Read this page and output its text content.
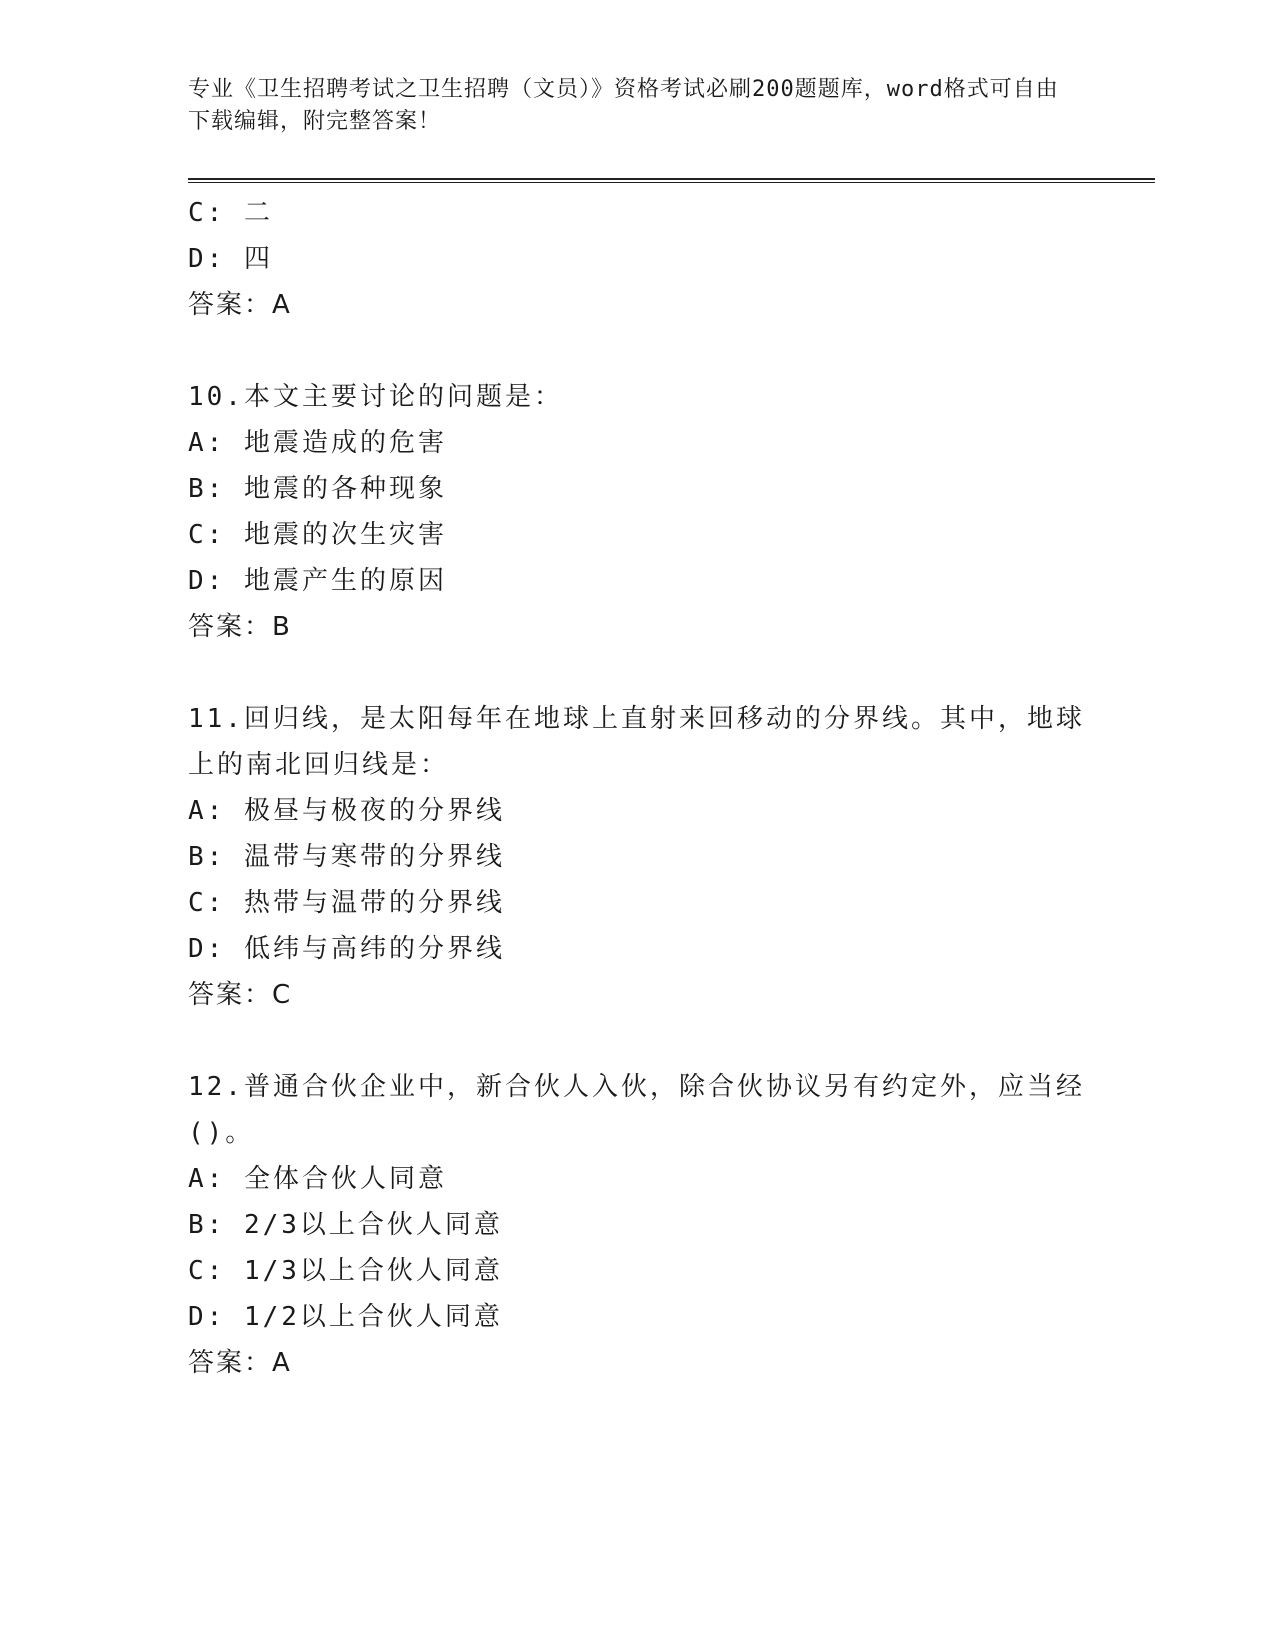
专业《卫生招聘考试之卫生招聘（文员）》资格考试必刷200题题库，word格式可自由下载编辑，附完整答案！
C: 二
D: 四
答案：A
10.本文主要讨论的问题是：
A: 地震造成的危害
B: 地震的各种现象
C: 地震的次生灾害
D: 地震产生的原因
答案：B
11.回归线，是太阳每年在地球上直射来回移动的分界线。其中，地球
上的南北回归线是：
A: 极昼与极夜的分界线
B: 温带与寒带的分界线
C: 热带与温带的分界线
D: 低纬与高纬的分界线
答案：C
12.普通合伙企业中，新合伙人入伙，除合伙协议另有约定外，应当经
()。
A: 全体合伙人同意
B: 2/3以上合伙人同意
C: 1/3以上合伙人同意
D: 1/2以上合伙人同意
答案：A
